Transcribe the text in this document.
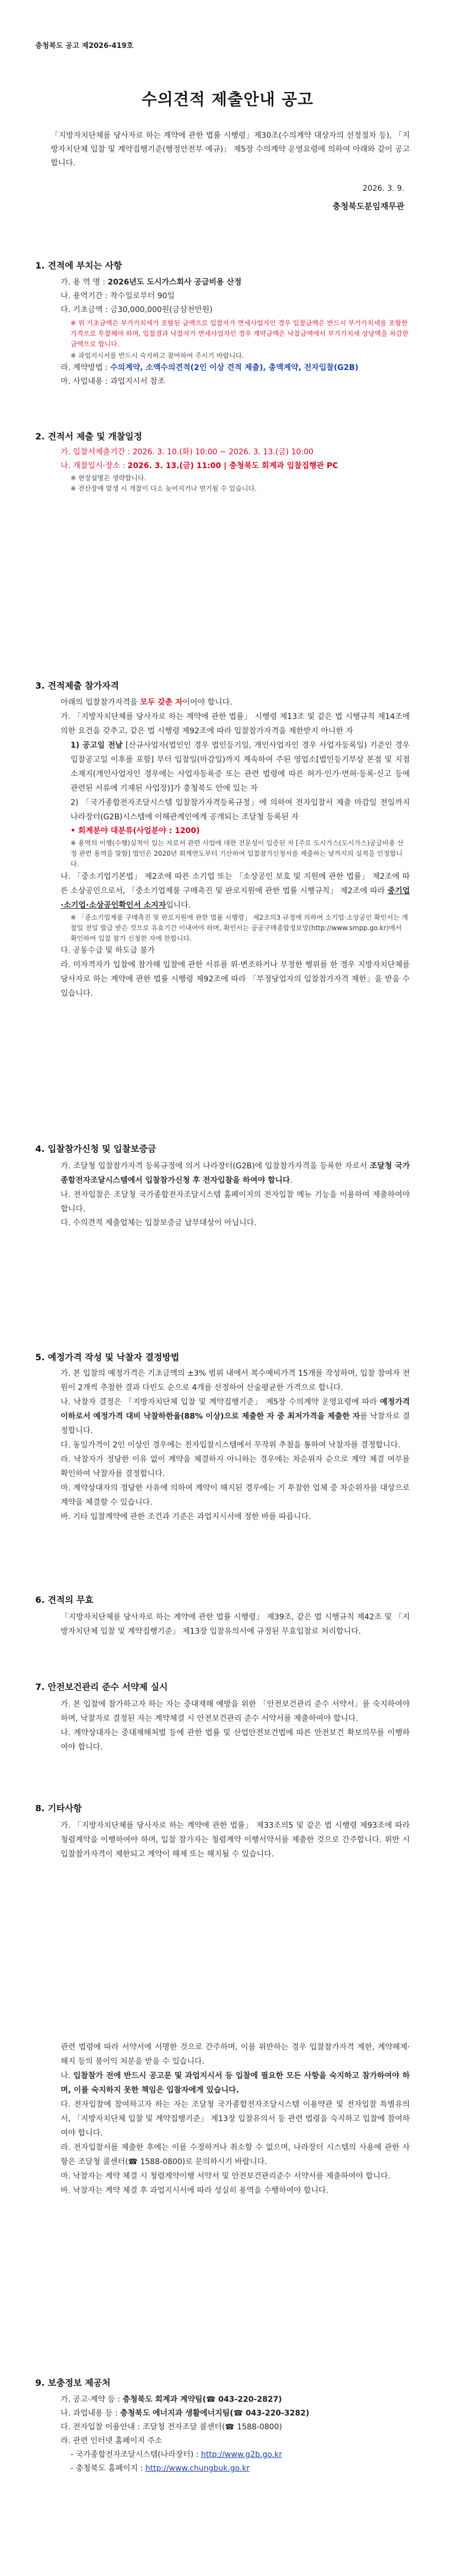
충청북도 공고 제2026-419호
수의견적 제출안내 공고
「지방자치단체를 당사자로 하는 계약에 관한 법률 시행령」제30조(수의계약 대상자의 선정절차 등), 「지방자치단체 입찰 및 계약집행기준(행정안전부 예규)」 제5장 수의계약 운영요령에 의하여 아래와 같이 공고합니다.
2026. 3. 9.
충청북도분임재무관
1. 견적에 부치는 사항
가. 용 역 명 : 2026년도 도시가스회사 공급비용 산정
나. 용역기간 : 착수일로부터 90일
다. 기초금액 : 금30,000,000원(금삼천만원)
※ 위 기초금액은 부가가치세가 포함된 금액으로 입찰자가 면세사업자인 경우 입찰금액은 반드시 부가가치세를 포함한 가격으로 투찰해야 하며, 입찰결과 낙찰자가 면세사업자인 경우 계약금액은 낙찰금액에서 부가가치세 상당액을 차감한 금액으로 합니다.
※ 과업지시서를 반드시 숙지하고 참여하여 주시기 바랍니다.
라. 계약방법 : 수의계약, 소액수의견적(2인 이상 견적 제출), 총액계약, 전자입찰(G2B)
마. 사업내용 : 과업지시서 참조
2. 견적서 제출 및 개찰일정
가. 입찰서제출기간 : 2026. 3. 10.(화) 10:00 ~ 2026. 3. 13.(금) 10:00
나. 개찰일시·장소 : 2026. 3. 13.(금) 11:00 | 충청북도 회계과 입찰집행관 PC
※ 현장설명은 생략합니다.
※ 전산장애 발생 시 개찰이 다소 늦어지거나 연기될 수 있습니다.
3. 견적제출 참가자격
아래의 입찰참가자격을 모두 갖춘 자이어야 합니다.
가. 「지방자치단체를 당사자로 하는 계약에 관한 법률」 시행령 제13조 및 같은 법 시행규칙 제14조에 의한 요건을 갖추고, 같은 법 시행령 제92조에 따라 입찰참가자격을 제한받지 아니한 자
1) 공고일 전날 [산규사업자(법인인 경우 법인등기일, 개인사업자인 경우 사업자등록일) 기준인 경우 입찰공고일 이후를 포함] 부터 입찰일(마감일)까지 계속하여 주된 영업소[법인등기부상 본점 및 지점 소재지(개인사업자인 경우에는 사업자등록증 또는 관련 법령에 따른 허가·인가·면허·등록·신고 등에 관련된 서류에 기재된 사업장)]가 충청북도 안에 있는 자
2) 「국가종합전자조달시스템 입찰참가자격등록규정」에 의하여 전자입찰서 제출 마감일 전일까지 나라장터(G2B)시스템에 이해관계인에게 공개되는 조달청 등록된 자
• 회계분야 대분류(사업분야 : 1200)
※ 용역의 이행(수행)실적이 있는 자로서 관련 사업에 대한 전문성이 입증된 자 [주로 도시가스(도시가스)공급비용 산정 관련 용역을 말함] 법인은 2020년 회계연도부터 기산하여 입찰참가신청서를 제출하는 날까지의 실적을 인정합니다.
나. 「중소기업기본법」 제2조에 따른 소기업 또는 「소상공인 보호 및 지원에 관한 법률」 제2조에 따른 소상공인으로서, 「중소기업제품 구매촉진 및 판로지원에 관한 법률 시행규칙」 제2조에 따라 중기업·소기업·소상공인확인서 소지자입니다.
※ 「중소기업제품 구매촉진 및 판로지원에 관한 법률 시행령」 제2조의3 규정에 의하여 소기업·소상공인 확인서는 개찰일 전일 발급 받은 것으로 유효기간 이내여야 하며, 확인서는 공공구매종합정보망(http://www.smpp.go.kr)에서 확인하여 입찰 참가 신청한 자에 한합니다.
다. 공동수급 및 하도급 불가
라. 미자격자가 입찰에 참가해 입찰에 관한 서류를 위·변조하거나 부정한 행위를 한 경우 지방자치단체를 당사자로 하는 계약에 관한 법률 시행령 제92조에 따라 「부정당업자의 입찰참가자격 제한」을 받을 수 있습니다.
4. 입찰참가신청 및 입찰보증금
가. 조달청 입찰참가자격 등록규정에 의거 나라장터(G2B)에 입찰참가자격을 등록한 자로서 조달청 국가종합전자조달시스템에서 입찰참가신청 후 전자입찰을 하여야 합니다.
나. 전자입찰은 조달청 국가종합전자조달시스템 홈페이지의 전자입찰 메뉴 기능을 이용하여 제출하여야 합니다.
다. 수의견적 제출업체는 입찰보증금 납부대상이 아닙니다.
5. 예정가격 작성 및 낙찰자 결정방법
가. 본 입찰의 예정가격은 기초금액의 ±3% 범위 내에서 복수예비가격 15개를 작성하며, 입찰 참여자 전원이 2개씩 추첨한 결과 다빈도 순으로 4개를 선정하여 산술평균한 가격으로 합니다.
나. 낙찰자 결정은 「지방자치단체 입찰 및 계약집행기준」 제5장 수의계약 운영요령에 따라 예정가격 이하로서 예정가격 대비 낙찰하한율(88% 이상)으로 제출한 자 중 최저가격을 제출한 자를 낙찰자로 결정합니다.
다. 동일가격이 2인 이상인 경우에는 전자입찰시스템에서 무작위 추첨을 통하여 낙찰자를 결정합니다.
라. 낙찰자가 정당한 이유 없이 계약을 체결하지 아니하는 경우에는 차순위자 순으로 계약 체결 여부를 확인하여 낙찰자를 결정합니다.
마. 계약상대자의 정당한 사유에 의하여 계약이 해지된 경우에는 기 투찰한 업체 중 차순위자를 대상으로 계약을 체결할 수 있습니다.
바. 기타 입찰계약에 관한 조건과 기준은 과업지시서에 정한 바를 따릅니다.
6. 견적의 무효
「지방자치단체를 당사자로 하는 계약에 관한 법률 시행령」 제39조, 같은 법 시행규칙 제42조 및 「지방자치단체 입찰 및 계약집행기준」 제13장 입찰유의서에 규정된 무효입찰로 처리합니다.
7. 안전보건관리 준수 서약제 실시
가. 본 입찰에 참가하고자 하는 자는 중대재해 예방을 위한 「안전보건관리 준수 서약서」를 숙지하여야 하며, 낙찰자로 결정된 자는 계약체결 시 안전보건관리 준수 서약서를 제출하여야 합니다.
나. 계약상대자는 중대재해처벌 등에 관한 법률 및 산업안전보건법에 따른 안전보건 확보의무를 이행하여야 합니다.
8. 기타사항
가. 「지방자치단체를 당사자로 하는 계약에 관한 법률」 제33조의5 및 같은 법 시행령 제93조에 따라 청렴계약을 이행하여야 하며, 입찰 참가자는 청렴계약 이행서약서를 제출한 것으로 간주합니다. 위반 시 입찰참가자격이 제한되고 계약이 해제 또는 해지될 수 있습니다.
관련 법령에 따라 서약서에 서명한 것으로 간주하며, 이를 위반하는 경우 입찰참가자격 제한, 계약해제·해지 등의 불이익 처분을 받을 수 있습니다.
나. 입찰참가 전에 반드시 공고문 및 과업지시서 등 입찰에 필요한 모든 사항을 숙지하고 참가하여야 하며, 이를 숙지하지 못한 책임은 입찰자에게 있습니다.
다. 전자입찰에 참여하고자 하는 자는 조달청 국가종합전자조달시스템 이용약관 및 전자입찰 특별유의서, 「지방자치단체 입찰 및 계약집행기준」 제13장 입찰유의서 등 관련 법령을 숙지하고 입찰에 참여하여야 합니다.
라. 전자입찰서를 제출한 후에는 이를 수정하거나 취소할 수 없으며, 나라장터 시스템의 사용에 관한 사항은 조달청 콜센터(☎ 1588-0800)로 문의하시기 바랍니다.
마. 낙찰자는 계약 체결 시 청렴계약이행 서약서 및 안전보건관리준수 서약서를 제출하여야 합니다.
바. 낙찰자는 계약 체결 후 과업지시서에 따라 성실히 용역을 수행하여야 합니다.
9. 보충정보 제공처
가. 공고·계약 등 : 충청북도 회계과 계약팀(☎ 043-220-2827)
나. 과업내용 등 : 충청북도 에너지과 생활에너지팀(☎ 043-220-3282)
다. 전자입찰 이용안내 : 조달청 전자조달 콜센터(☎ 1588-0800)
라. 관련 인터넷 홈페이지 주소
- 국가종합전자조달시스템(나라장터) : http://www.g2b.go.kr
- 충청북도 홈페이지 : http://www.chungbuk.go.kr
